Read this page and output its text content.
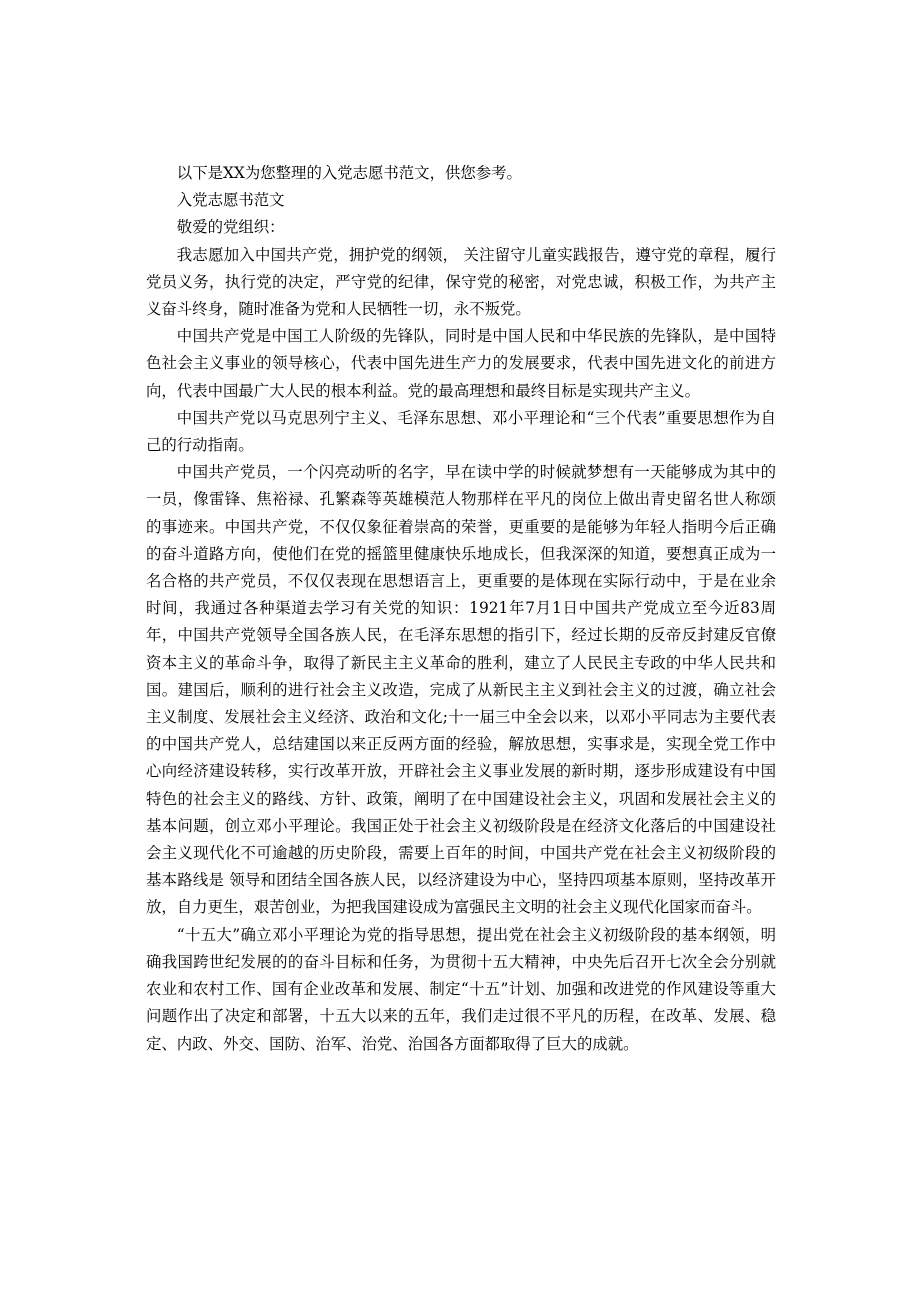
以下是XX为您整理的入党志愿书范文，供您参考。

入党志愿书范文

敬爱的党组织：

我志愿加入中国共产党，拥护党的纲领， 关注留守儿童实践报告，遵守党的章程，履行党员义务，执行党的决定，严守党的纪律，保守党的秘密，对党忠诚，积极工作，为共产主义奋斗终身，随时准备为党和人民牺牲一切，永不叛党。

中国共产党是中国工人阶级的先锋队，同时是中国人民和中华民族的先锋队，是中国特色社会主义事业的领导核心，代表中国先进生产力的发展要求，代表中国先进文化的前进方向，代表中国最广大人民的根本利益。党的最高理想和最终目标是实现共产主义。

中国共产党以马克思列宁主义、毛泽东思想、邓小平理论和“三个代表”重要思想作为自己的行动指南。

中国共产党员，一个闪亮动听的名字，早在读中学的时候就梦想有一天能够成为其中的一员，像雷锋、焦裕禄、孔繁森等英雄模范人物那样在平凡的岗位上做出青史留名世人称颂的事迹来。中国共产党，不仅仅象征着崇高的荣誉，更重要的是能够为年轻人指明今后正确的奋斗道路方向，使他们在党的摇篮里健康快乐地成长，但我深深的知道，要想真正成为一名合格的共产党员，不仅仅表现在思想语言上，更重要的是体现在实际行动中，于是在业余时间，我通过各种渠道去学习有关党的知识：1921年7月1日中国共产党成立至今近83周年，中国共产党领导全国各族人民，在毛泽东思想的指引下，经过长期的反帝反封建反官僚资本主义的革命斗争，取得了新民主主义革命的胜利，建立了人民民主专政的中华人民共和国。建国后，顺利的进行社会主义改造，完成了从新民主主义到社会主义的过渡，确立社会主义制度、发展社会主义经济、政治和文化;十一届三中全会以来，以邓小平同志为主要代表的中国共产党人，总结建国以来正反两方面的经验，解放思想，实事求是，实现全党工作中心向经济建设转移，实行改革开放，开辟社会主义事业发展的新时期，逐步形成建设有中国特色的社会主义的路线、方针、政策，阐明了在中国建设社会主义，巩固和发展社会主义的基本问题，创立邓小平理论。我国正处于社会主义初级阶段是在经济文化落后的中国建设社会主义现代化不可逾越的历史阶段，需要上百年的时间，中国共产党在社会主义初级阶段的基本路线是 领导和团结全国各族人民，以经济建设为中心，坚持四项基本原则，坚持改革开放，自力更生，艰苦创业，为把我国建设成为富强民主文明的社会主义现代化国家而奋斗。

“十五大”确立邓小平理论为党的指导思想，提出党在社会主义初级阶段的基本纲领，明确我国跨世纪发展的的奋斗目标和任务，为贯彻十五大精神，中央先后召开七次全会分别就农业和农村工作、国有企业改革和发展、制定“十五”计划、加强和改进党的作风建设等重大问题作出了决定和部署，十五大以来的五年，我们走过很不平凡的历程，在改革、发展、稳定、内政、外交、国防、治军、治党、治国各方面都取得了巨大的成就。
